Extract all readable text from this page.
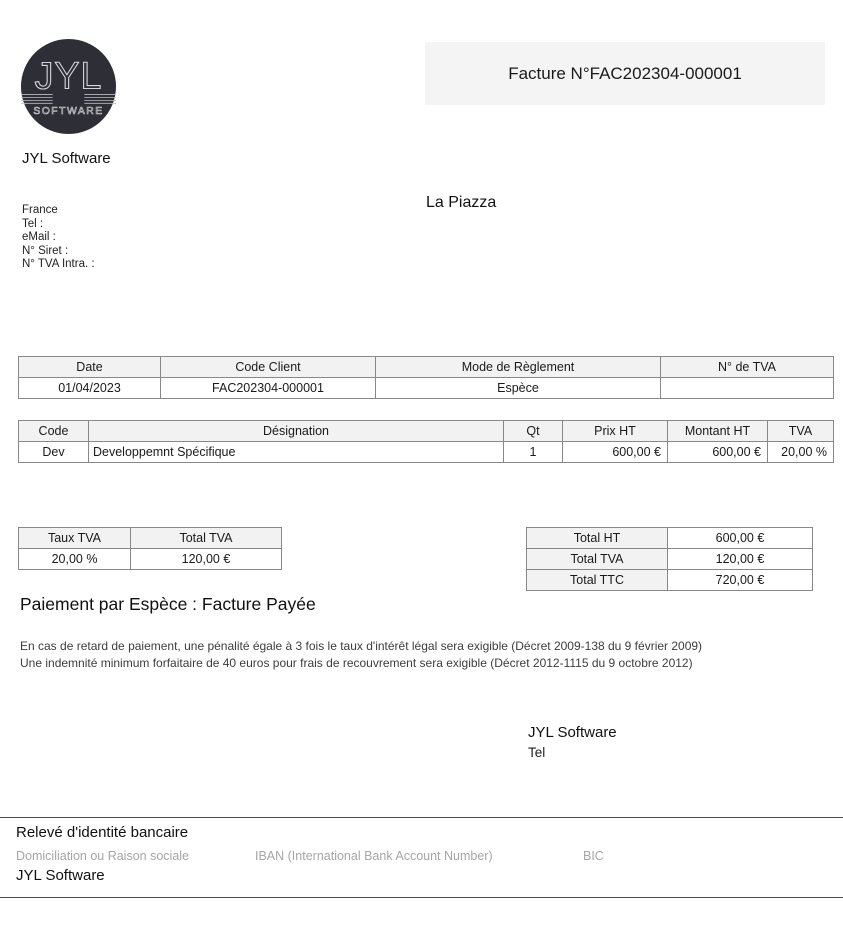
JYL
SOFTWARE
JYL Software
Facture N°FAC202304-000001
La Piazza
France
Tel :
eMail :
N° Siret :
N° TVA Intra. :
Date	Code Client	Mode de Règlement	N° de TVA
01/04/2023	FAC202304-000001	Espèce	
Code	Désignation	Qt	Prix HT	Montant HT	TVA
Dev	Developpemnt Spécifique	1	600,00 €	600,00 €	20,00 %
Taux TVA	Total TVA
20,00 %	120,00 €
Total HT	600,00 €
Total TVA	120,00 €
Total TTC	720,00 €
Paiement par Espèce : Facture Payée
En cas de retard de paiement, une pénalité égale à 3 fois le taux d'intérêt légal sera exigible (Décret 2009-138 du 9 février 2009)
Une indemnité minimum forfaitaire de 40 euros pour frais de recouvrement sera exigible (Décret 2012-1115 du 9 octobre 2012)
JYL Software
Tel
Relevé d'identité bancaire
Domiciliation ou Raison sociale	IBAN (International Bank Account Number)	BIC
JYL Software
